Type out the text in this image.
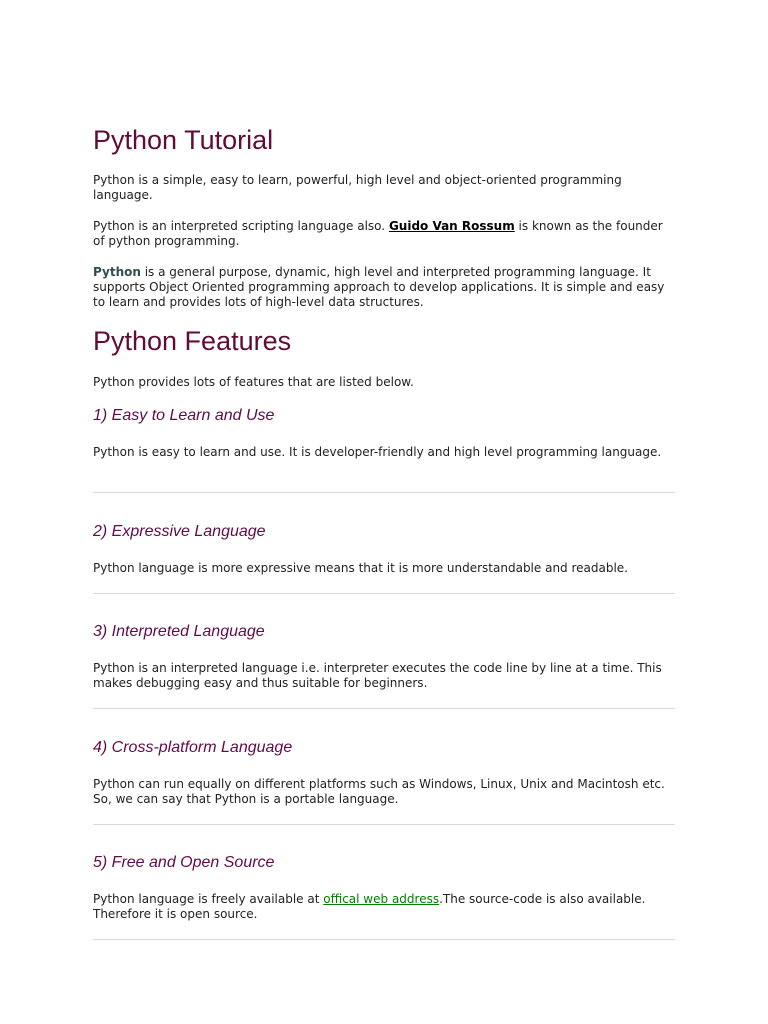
Python Tutorial

Python is a simple, easy to learn, powerful, high level and object-oriented programming language.

Python is an interpreted scripting language also. Guido Van Rossum is known as the founder of python programming.

Python is a general purpose, dynamic, high level and interpreted programming language. It supports Object Oriented programming approach to develop applications. It is simple and easy to learn and provides lots of high-level data structures.

Python Features

Python provides lots of features that are listed below.

1) Easy to Learn and Use

Python is easy to learn and use. It is developer-friendly and high level programming language.

2) Expressive Language

Python language is more expressive means that it is more understandable and readable.

3) Interpreted Language

Python is an interpreted language i.e. interpreter executes the code line by line at a time. This makes debugging easy and thus suitable for beginners.

4) Cross-platform Language

Python can run equally on different platforms such as Windows, Linux, Unix and Macintosh etc. So, we can say that Python is a portable language.

5) Free and Open Source

Python language is freely available at offical web address.The source-code is also available. Therefore it is open source.
